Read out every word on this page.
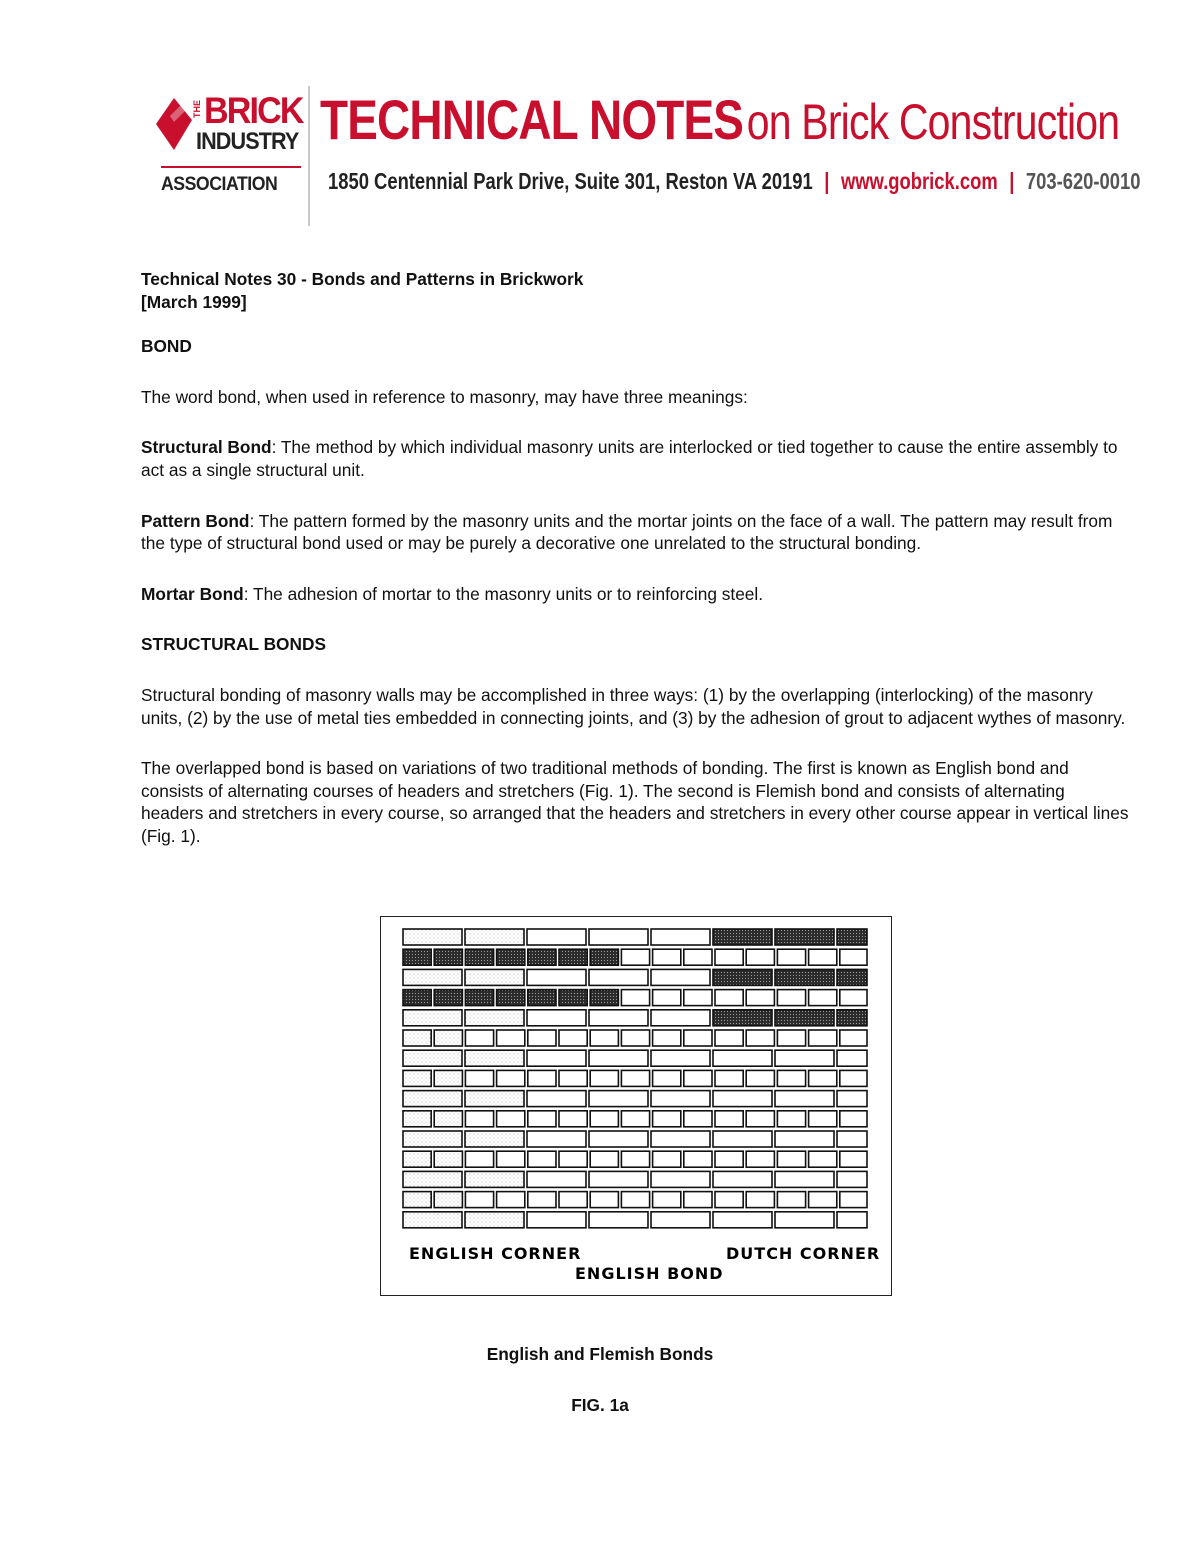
THE BRICK
INDUSTRY
ASSOCIATION
TECHNICAL NOTES on Brick Construction
1850 Centennial Park Drive, Suite 301, Reston VA 20191 | www.gobrick.com | 703-620-0010
Technical Notes 30 - Bonds and Patterns in Brickwork

[March 1999]

BOND

The word bond, when used in reference to masonry, may have three meanings:

Structural Bond: The method by which individual masonry units are interlocked or tied together to cause the entire assembly to act as a single structural unit.

Pattern Bond: The pattern formed by the masonry units and the mortar joints on the face of a wall. The pattern may result from the type of structural bond used or may be purely a decorative one unrelated to the structural bonding.

Mortar Bond: The adhesion of mortar to the masonry units or to reinforcing steel.

STRUCTURAL BONDS

Structural bonding of masonry walls may be accomplished in three ways: (1) by the overlapping (interlocking) of the masonry units, (2) by the use of metal ties embedded in connecting joints, and (3) by the adhesion of grout to adjacent wythes of masonry.

The overlapped bond is based on variations of two traditional methods of bonding. The first is known as English bond and consists of alternating courses of headers and stretchers (Fig. 1). The second is Flemish bond and consists of alternating headers and stretchers in every course, so arranged that the headers and stretchers in every other course appear in vertical lines (Fig. 1).

ENGLISH CORNER	DUTCH CORNER
ENGLISH BOND

English and Flemish Bonds

FIG. 1a
